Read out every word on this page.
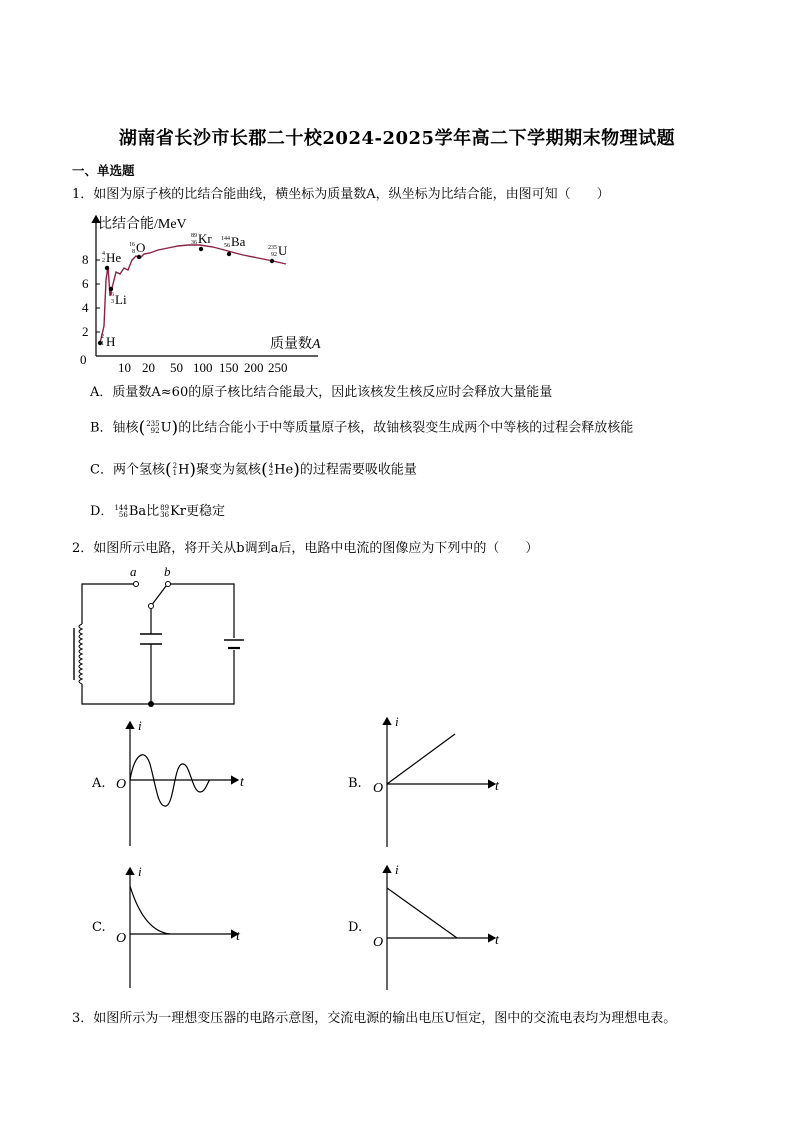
湖南省长沙市长郡二十校2024-2025学年高二下学期期末物理试题
一、单选题
1．如图为原子核的比结合能曲线，横坐标为质量数A，纵坐标为比结合能，由图可知（　　）
比结合能/MeV
0
2
4
6
8
10 20 50 100 150 200 250
质量数A
2
1 H
6
3 Li
4
2 He
16
8 O
89
36 Kr 144
56 Ba	235
92 U
A．质量数A≈60的原子核比结合能最大，因此该核发生核反应时会释放大量能量
B．铀核( 235
92 U)的比结合能小于中等质量原子核，故铀核裂变生成两个中等核的过程会释放核能
C．两个氢核( 2
1 H)聚变为氦核( 4
2 He)的过程需要吸收能量
D． 144
56 Ba比 89
36 Kr更稳定
2．如图所示电路，将开关从b调到a后，电路中电流的图像应为下列中的（　　）
a b
A. O	t
i
B. O	t
i
C.
O	t
i
D.
O	t
i
3．如图所示为一理想变压器的电路示意图，交流电源的输出电压U恒定，图中的交流电表均为理想电表。
